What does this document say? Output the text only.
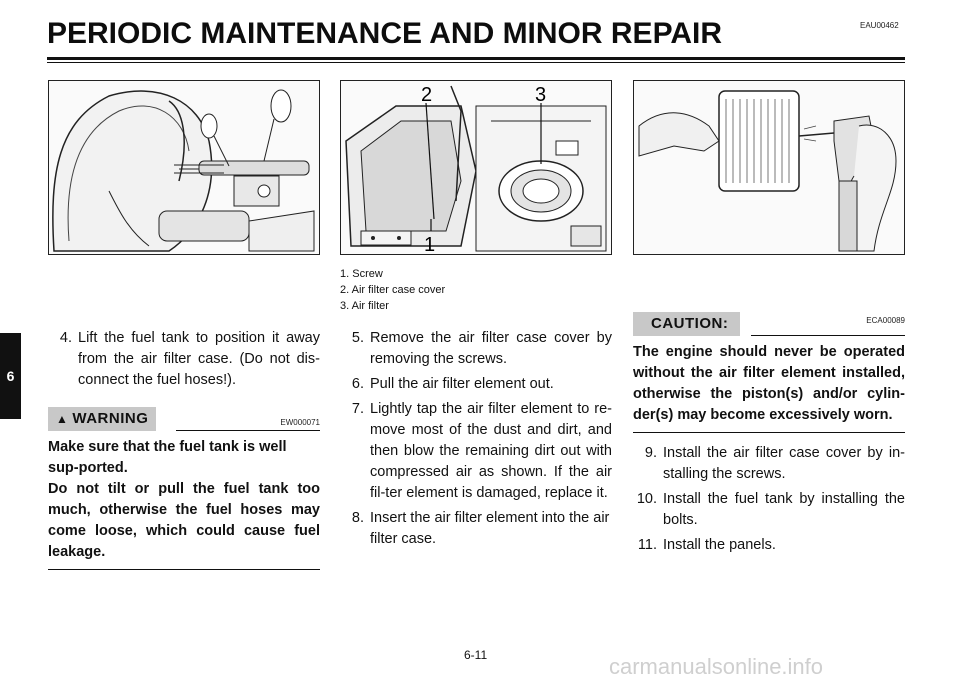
PERIODIC MAINTENANCE AND MINOR REPAIR	EAU00462
6
2	3
1
1. Screw
2. Air filter case cover
3. Air filter
4. Lift the fuel tank to position it away from the air filter case. (Do not dis-connect the fuel hoses!).
▲ WARNING	EW000071
Make sure that the fuel tank is well sup-ported.
Do not tilt or pull the fuel tank too much, otherwise the fuel hoses may come loose, which could cause fuel leakage.
5. Remove the air filter case cover by removing the screws.
6. Pull the air filter element out.
7. Lightly tap the air filter element to re-move most of the dust and dirt, and then blow the remaining dirt out with compressed air as shown. If the air fil-ter element is damaged, replace it.
8. Insert the air filter element into the air filter case.
CAUTION:	ECA00089
The engine should never be operated without the air filter element installed, otherwise the piston(s) and/or cylin-der(s) may become excessively worn.
9. Install the air filter case cover by in-stalling the screws.
10. Install the fuel tank by installing the bolts.
11. Install the panels.
6-11	carmanualsonline.info
